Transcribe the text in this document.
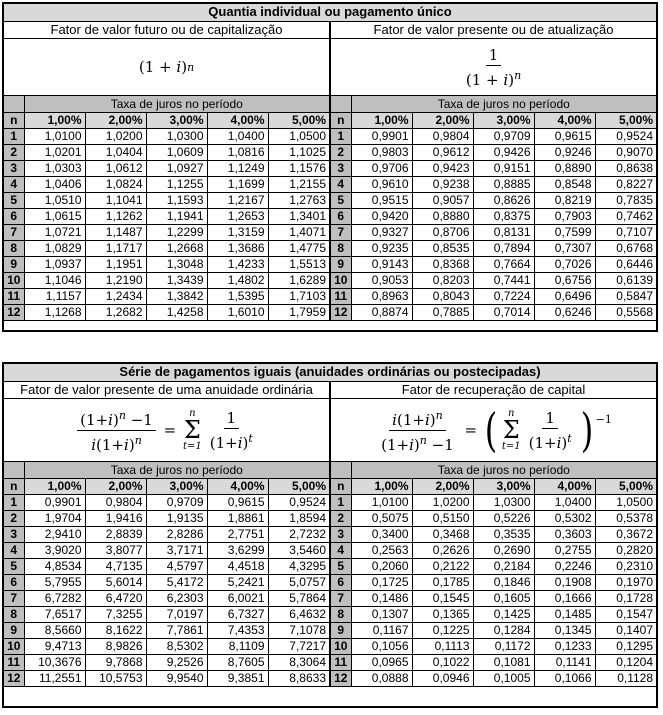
Quantia individual ou pagamento único
Fator de valor futuro ou de capitalização
( 1
+
i ) n
	Taxa de juros no período				
n	1,00%	2,00%	3,00%	4,00%	5,00%
1	1,0100	1,0200	1,0300	1,0400	1,0500
2	1,0201	1,0404	1,0609	1,0816	1,1025
3	1,0303	1,0612	1,0927	1,1249	1,1576
4	1,0406	1,0824	1,1255	1,1699	1,2155
5	1,0510	1,1041	1,1593	1,2167	1,2763
6	1,0615	1,1262	1,1941	1,2653	1,3401
7	1,0721	1,1487	1,2299	1,3159	1,4071
8	1,0829	1,1717	1,2668	1,3686	1,4775
9	1,0937	1,1951	1,3048	1,4233	1,5513
10	1,1046	1,2190	1,3439	1,4802	1,6289
11	1,1157	1,2434	1,3842	1,5395	1,7103
12	1,1268	1,2682	1,4258	1,6010	1,7959
Fator de valor presente ou de atualização
$\frac{1}{(1 + i)^n}$
	Taxa de juros no período				
n	1,00%	2,00%	3,00%	4,00%	5,00%
1	0,9901	0,9804	0,9709	0,9615	0,9524
2	0,9803	0,9612	0,9426	0,9246	0,9070
3	0,9706	0,9423	0,9151	0,8890	0,8638
4	0,9610	0,9238	0,8885	0,8548	0,8227
5	0,9515	0,9057	0,8626	0,8219	0,7835
6	0,9420	0,8880	0,8375	0,7903	0,7462
7	0,9327	0,8706	0,8131	0,7599	0,7107
8	0,9235	0,8535	0,7894	0,7307	0,6768
9	0,9143	0,8368	0,7664	0,7026	0,6446
10	0,9053	0,8203	0,7441	0,6756	0,6139
11	0,8963	0,8043	0,7224	0,6496	0,5847
12	0,8874	0,7885	0,7014	0,6246	0,5568
Série de pagamentos iguais (anuidades ordinárias ou postecipadas)
Fator de valor presente de uma anuidade ordinária
$\frac{(1+i)^n -1}{i(1+i)^n}$
=

n
Σ
$t=1 \frac{1}{(1+i)^t}$
	Taxa de juros no período				
n	1,00%	2,00%	3,00%	4,00%	5,00%
1	0,9901	0,9804	0,9709	0,9615	0,9524
2	1,9704	1,9416	1,9135	1,8861	1,8594
3	2,9410	2,8839	2,8286	2,7751	2,7232
4	3,9020	3,8077	3,7171	3,6299	3,5460
5	4,8534	4,7135	4,5797	4,4518	4,3295
6	5,7955	5,6014	5,4172	5,2421	5,0757
7	6,7282	6,4720	6,2303	6,0021	5,7864
8	7,6517	7,3255	7,0197	6,7327	6,4632
9	8,5660	8,1622	7,7861	7,4353	7,1078
10	9,4713	8,9826	8,5302	8,1109	7,7217
11	10,3676	9,7868	9,2526	8,7605	8,3064
12	11,2551	10,5753	9,9540	9,3851	8,8633
Fator de recuperação de capital
$\frac{i(1+i)^n}{(1+i)^n -1}$
=
( n
Σ
$t=1 \frac{1}{(1+i)^t} )^{-1}$
	Taxa de juros no período				
n	1,00%	2,00%	3,00%	4,00%	5,00%
1	1,0100	1,0200	1,0300	1,0400	1,0500
2	0,5075	0,5150	0,5226	0,5302	0,5378
3	0,3400	0,3468	0,3535	0,3603	0,3672
4	0,2563	0,2626	0,2690	0,2755	0,2820
5	0,2060	0,2122	0,2184	0,2246	0,2310
6	0,1725	0,1785	0,1846	0,1908	0,1970
7	0,1486	0,1545	0,1605	0,1666	0,1728
8	0,1307	0,1365	0,1425	0,1485	0,1547
9	0,1167	0,1225	0,1284	0,1345	0,1407
10	0,1056	0,1113	0,1172	0,1233	0,1295
11	0,0965	0,1022	0,1081	0,1141	0,1204
12	0,0888	0,0946	0,1005	0,1066	0,1128
